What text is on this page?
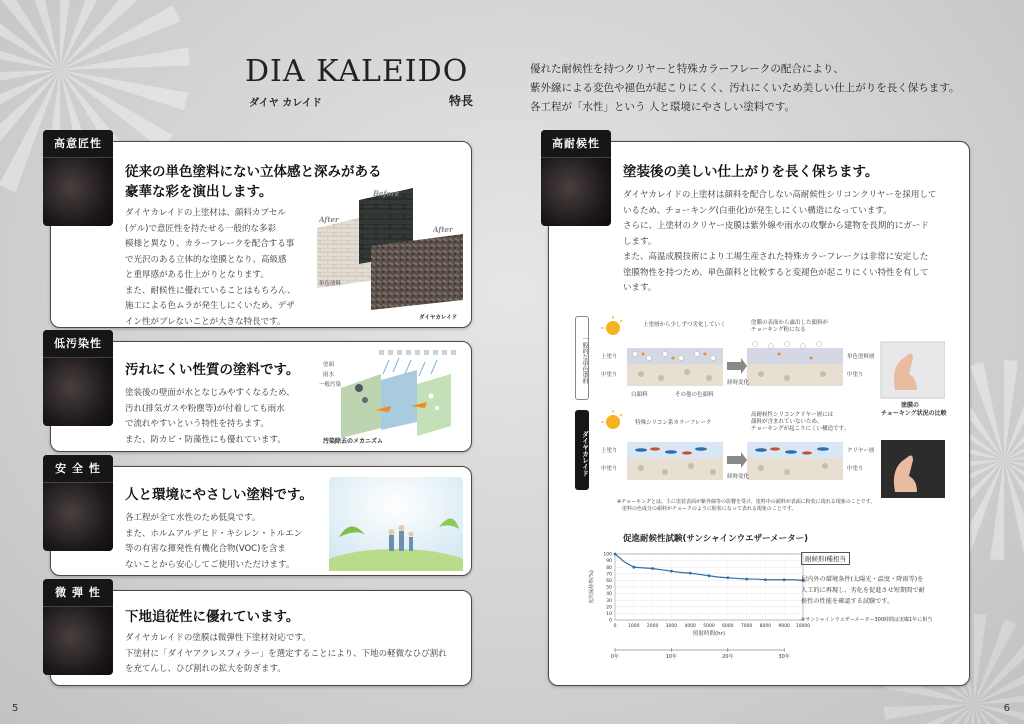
DIA KALEIDO
ダイヤ カレイド	特長
優れた耐候性を持つクリヤーと特殊カラーフレークの配合により、
紫外線による変色や褪色が起こりにくく、汚れにくいため美しい仕上がりを長く保ちます。
各工程が「水性」という 人と環境にやさしい塗料です。
高意匠性
従来の単色塗料にない立体感と深みがある
豪華な彩を演出します。
ダイヤカレイドの上塗材は、顔料カプセル
(ゲル)で意匠性を持たせる一般的な多彩
模様と異なり、カラーフレークを配合する事
で光沢のある立体的な塗膜となり、高級感
と重厚感がある仕上がりとなります。
また、耐候性に優れていることはもちろん、
施工による色ムラが発生しにくいため、デザ
イン性がブレないことが大きな特長です。
After
Before
After
単色塗料
ダイヤカレイド
低汚染性
汚れにくい性質の塗料です。
塗装後の壁面が水となじみやすくなるため、
汚れ(排気ガスや粉塵等)が付着しても雨水
で流れやすいという特性を持ちます。
また、防カビ・防藻性にも優れています。
塗面
雨水
一般汚染
汚染除去のメカニズム
安 全 性
人と環境にやさしい塗料です。
各工程が全て水性のため低臭です。
また、ホルムアルデヒド・キシレン・トルエン
等の有害な揮発性有機化合物(VOC)を含ま
ないことから安心してご使用いただけます。
微 弾 性
下地追従性に優れています。
ダイヤカレイドの塗膜は微弾性下塗材対応です。
下塗材に「ダイヤアクレスフィラー」を選定することにより、下地の軽微なひび割れ
を充てんし、ひび割れの拡大を防ぎます。
高耐候性
塗装後の美しい仕上がりを長く保ちます。
ダイヤカレイドの上塗材は顔料を配合しない高耐候性シリコンクリヤーを採用して
いるため、チョーキング(白亜化)が発生しにくい構造になっています。
さらに、上塗材のクリヤー皮膜は紫外線や雨水の攻撃から建物を長期的にガード
します。
また、高温成膜技術により工場生産された特殊カラーフレークは非常に安定した
塗膜物性を持つため、単色顔料と比較すると変褪色が起こりにくい特性を有して
います。
一般的な単色塗料
ダイヤカレイド
上塗層から少しずつ劣化していく	塗膜の表面から露出した顔料が
チョーキング粉になる
上塗り
中塗り
経時変化
単色塗料層
中塗り
白顔料	その他の色顔料
特殊シリコン系カラーフレーク
高耐候性シリコンクリヤー層には
顔料が含まれていないため、
チョーキングが起こりにくい構造です。
上塗り
中塗り
経時変化
クリヤー層
中塗り
塗膜の
チョーキング状況の比較
※チョーキングとは、主に塗装表面が紫外線等の影響を受け、塗料中の顔料が表面に粉状に現れる現象のことです。
　塗料の色成分の顔料がチョークのように粉状になって表れる現象のことです。
促進耐候性試験(サンシャインウエザーメーター)
0
10
20
30
40
50
60
70
80
90
100
0	1000 2000 3000 4000 5000 6000 7000 8000 9000 10000
光沢保持率(%)
照射時間(hr)
0年	10年	20年	30年
耐候形Ⅰ種相当
屋内外の環境条件(太陽光・温度・降雨等)を
人工的に再現し、劣化を促進させ短期間で耐
候性の性能を確認する試験です。
※サンシャインウエザーメーター300時間は実曝1年に相当
5	6
